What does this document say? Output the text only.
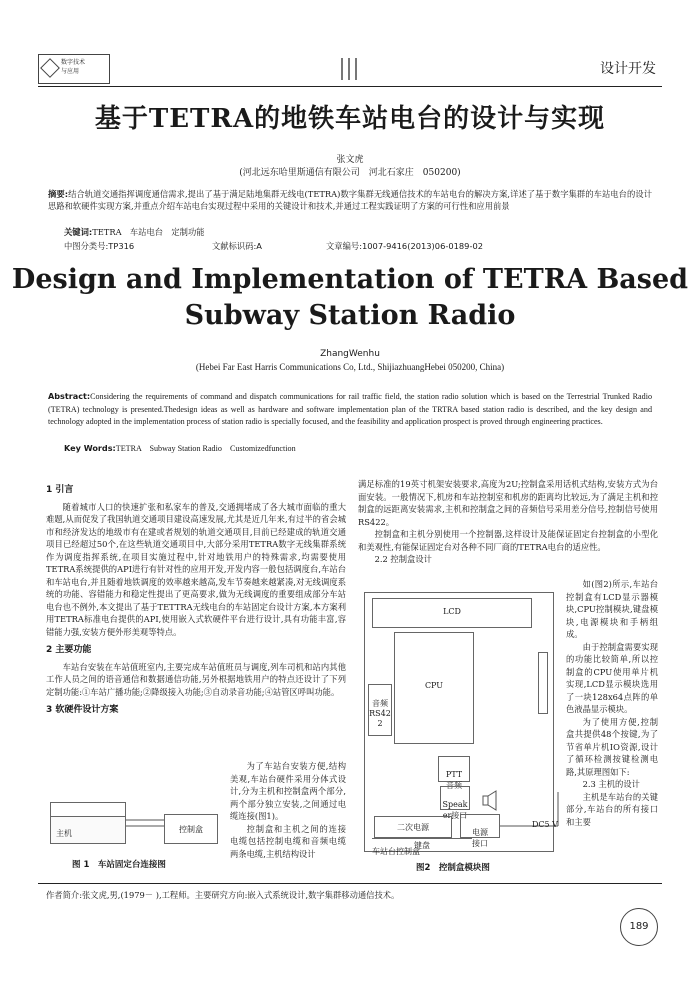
数字技术
与应用	设计开发
基于TETRA的地铁车站电台的设计与实现
张文虎
(河北远东哈里斯通信有限公司　河北石家庄　050200)
摘要:结合轨道交通指挥调度通信需求,提出了基于满足陆地集群无线电(TETRA)数字集群无线通信技术的车站电台的解决方案,详述了基于数字集群的车站电台的设计思路和软硬件实现方案,并重点介绍车站电台实现过程中采用的关键设计和技术,并通过工程实践证明了方案的可行性和应用前景
关键词:TETRA　车站电台　定制功能
中图分类号:TP316	文献标识码:A	文章编号:1007-9416(2013)06-0189-02
Design and Implementation of TETRA Based Subway Station Radio
ZhangWenhu
(Hebei Far East Harris Communications Co, Ltd., ShijiazhuangHebei 050200, China)
Abstract:Considering the requirements of command and dispatch communications for rail traffic field, the station radio solution which is based on the Terrestrial Trunked Radio (TETRA) technology is presented.Thedesign ideas as well as hardware and software implementation plan of the TRTRA based station radio is described, and the key design and technology adopted in the implementation process of station radio is specially focused, and the feasibility and application prospect is proved through engineering practices.
Key Words:TETRA　Subway Station Radio　Customizedfunction
1 引言

随着城市人口的快速扩张和私家车的普及,交通拥堵成了各大城市面临的重大难题,从而促发了我国轨道交通项目建设高速发展,尤其是近几年来,有过半的省会城市和经济发达的地级市有在建或者规划的轨道交通项目,目前已经建成的轨道交通项目已经超过50个,在这些轨道交通项目中,大部分采用TETRA数字无线集群系统作为调度指挥系统,在项目实施过程中,针对地铁用户的特殊需求,均需要使用TETRA系统提供的API进行有针对性的应用开发,开发内容一般包括调度台,车站台和车站电台,并且随着地铁调度的效率越来越高,发车节奏越来越紧凑,对无线调度系统的功能、容错能力和稳定性提出了更高要求,做为无线调度的重要组成部分车站电台也不例外,本文提出了基于TETTRA无线电台的车站固定台设计方案,本方案利用TETRA标准电台提供的API,使用嵌入式软硬件平台进行设计,具有功能丰富,容错能力强,安装方便外形美观等特点。

2 主要功能

车站台安装在车站值班室内,主要完成车站值班员与调度,列车司机和站内其他工作人员之间的语音通信和数据通信功能,另外根据地铁用户的特点还设计了下列定制功能:①车站广播功能;②降级接入功能;③自动录音功能;④站管区呼叫功能。

3 软硬件设计方案

为了车站台安装方便,结构美观,车站台硬件采用分体式设计,分为主机和控制盒两个部分,两个部分独立安装,之间通过电缆连接(图1)。

控制盒和主机之间的连接电缆包括控制电缆和音频电缆两条电缆,主机结构设计

主机	控制盒
图 1　车站固定台连接图

满足标准的19英寸机架安装要求,高度为2U;控制盒采用话机式结构,安装方式为台面安装。一般情况下,机房和车站控制室和机房的距离均比较远,为了满足主机和控制盒的远距离安装需求,主机和控制盒之间的音频信号采用差分信号,控制信号使用RS422。

控制盒和主机分别使用一个控制器,这样设计及能保证固定台控制盒的小型化和美观性,有能保证固定台对各种不同厂商的TETRA电台的适应性。

2.2 控制盒设计

如(图2)所示,车站台控制盒有LCD显示器模块,CPU控制模块,键盘模块,电源模块和手柄组成。

由于控制盒需要实现的功能比较简单,所以控制盒的CPU使用单片机实现,LCD显示模块选用了一块128x64点阵的单色液晶显示模块。

为了使用方便,控制盒共提供48个按键,为了节省单片机IO资源,设计了循环检测按键检测电路,其原理图如下:

2.3 主机的设计

主机是车站台的关键部分,车站台的所有接口和主要

LCD
CPU

音频
RS42
2

PTT
音频

Speak
er接口

二次电源

电源
接口

DC5 V
键盘
车站台控制盒
图2　控制盒模块图
作者简介:张文虎,男,(1979－ ),工程师。主要研究方向:嵌入式系统设计,数字集群移动通信技术。
189
